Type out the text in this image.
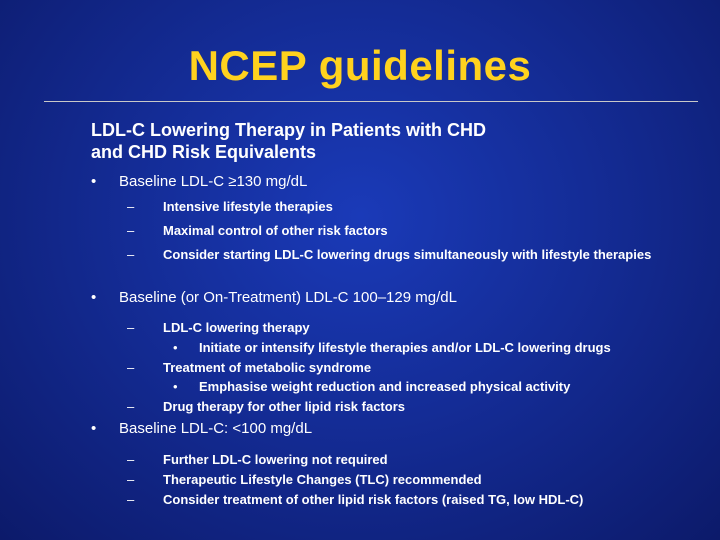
NCEP guidelines
LDL-C Lowering Therapy in Patients with CHD
and CHD Risk Equivalents
• Baseline LDL-C ≥130 mg/dL
– Intensive lifestyle therapies
– Maximal control of other risk factors
– Consider starting LDL-C lowering drugs simultaneously with lifestyle therapies
• Baseline (or On-Treatment) LDL-C 100–129 mg/dL
– LDL-C lowering therapy
• Initiate or intensify lifestyle therapies and/or LDL-C lowering drugs
– Treatment of metabolic syndrome
• Emphasise weight reduction and increased physical activity
– Drug therapy for other lipid risk factors
• Baseline LDL-C: <100 mg/dL
– Further LDL-C lowering not required
– Therapeutic Lifestyle Changes (TLC) recommended
– Consider treatment of other lipid risk factors (raised TG, low HDL-C)
